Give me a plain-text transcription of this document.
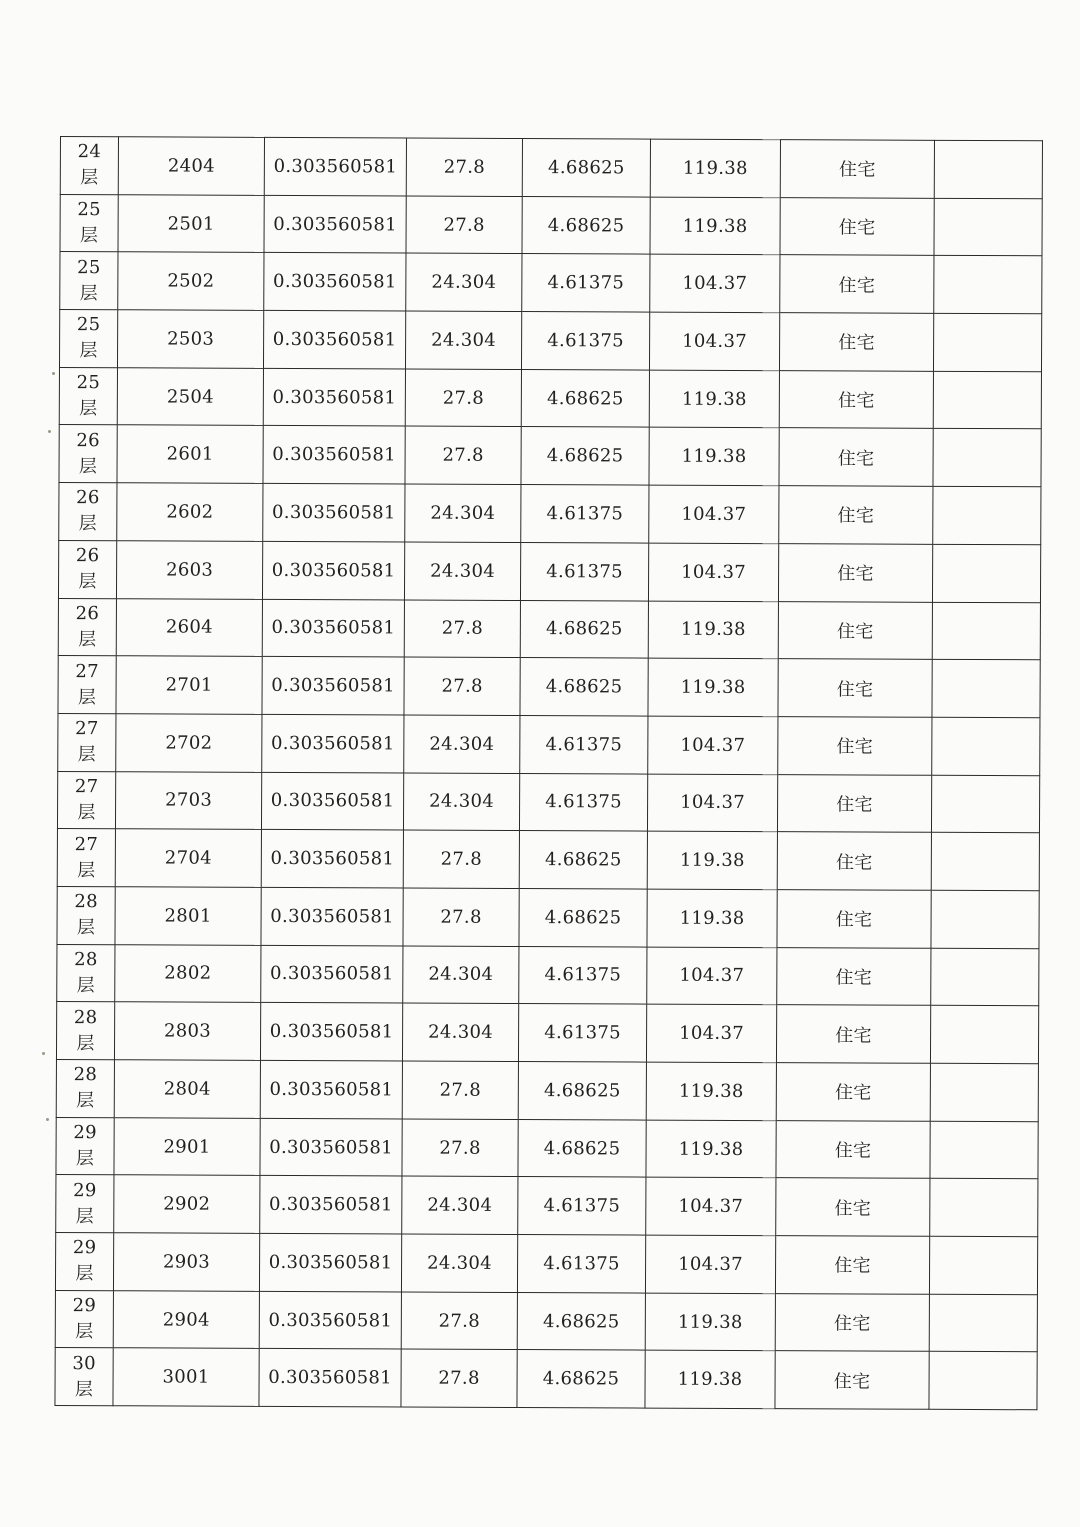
24
层	2404	0.303560581	27.8	4.68625	119.38	住宅	

25
层	2501	0.303560581	27.8	4.68625	119.38	住宅	

25
层	2502	0.303560581	24.304	4.61375	104.37	住宅	

25
层	2503	0.303560581	24.304	4.61375	104.37	住宅	

25
层	2504	0.303560581	27.8	4.68625	119.38	住宅	

26
层	2601	0.303560581	27.8	4.68625	119.38	住宅	

26
层	2602	0.303560581	24.304	4.61375	104.37	住宅	

26
层	2603	0.303560581	24.304	4.61375	104.37	住宅	

26
层	2604	0.303560581	27.8	4.68625	119.38	住宅	

27
层	2701	0.303560581	27.8	4.68625	119.38	住宅	

27
层	2702	0.303560581	24.304	4.61375	104.37	住宅	

27
层	2703	0.303560581	24.304	4.61375	104.37	住宅	

27
层	2704	0.303560581	27.8	4.68625	119.38	住宅	

28
层	2801	0.303560581	27.8	4.68625	119.38	住宅	

28
层	2802	0.303560581	24.304	4.61375	104.37	住宅	

28
层	2803	0.303560581	24.304	4.61375	104.37	住宅	

28
层	2804	0.303560581	27.8	4.68625	119.38	住宅	

29
层	2901	0.303560581	27.8	4.68625	119.38	住宅	

29
层	2902	0.303560581	24.304	4.61375	104.37	住宅	

29
层	2903	0.303560581	24.304	4.61375	104.37	住宅	

29
层	2904	0.303560581	27.8	4.68625	119.38	住宅	

30
层	3001	0.303560581	27.8	4.68625	119.38	住宅	
